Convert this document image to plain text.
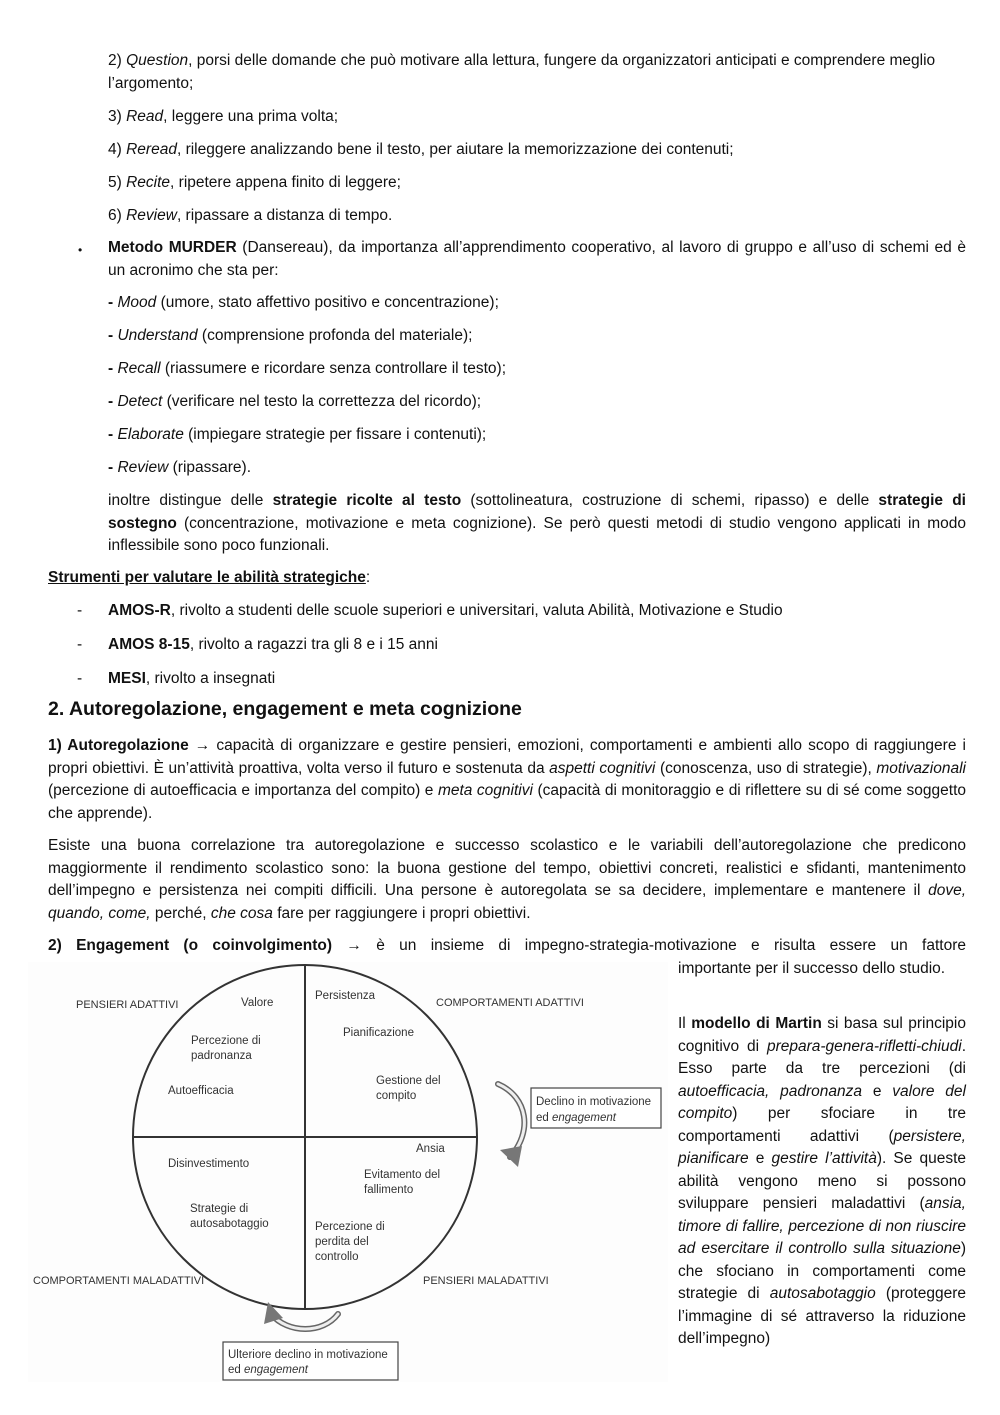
2) Question, porsi delle domande che può motivare alla lettura, fungere da organizzatori anticipati e comprendere meglio l’argomento;
3) Read, leggere una prima volta;
4) Reread, rileggere analizzando bene il testo, per aiutare la memorizzazione dei contenuti;
5) Recite, ripetere appena finito di leggere;
6) Review, ripassare a distanza di tempo.
• Metodo MURDER (Dansereau), da importanza all’apprendimento cooperativo, al lavoro di gruppo e all’uso di schemi ed è un acronimo che sta per:
- Mood (umore, stato affettivo positivo e concentrazione);
- Understand (comprensione profonda del materiale);
- Recall (riassumere e ricordare senza controllare il testo);
- Detect (verificare nel testo la correttezza del ricordo);
- Elaborate (impiegare strategie per fissare i contenuti);
- Review (ripassare).
inoltre distingue delle strategie ricolte al testo (sottolineatura, costruzione di schemi, ripasso) e delle strategie di sostegno (concentrazione, motivazione e meta cognizione). Se però questi metodi di studio vengono applicati in modo inflessibile sono poco funzionali.
Strumenti per valutare le abilità strategiche:
- AMOS-R, rivolto a studenti delle scuole superiori e universitari, valuta Abilità, Motivazione e Studio
- AMOS 8-15, rivolto a ragazzi tra gli 8 e i 15 anni
- MESI, rivolto a insegnati
2. Autoregolazione, engagement e meta cognizione
1) Autoregolazione → capacità di organizzare e gestire pensieri, emozioni, comportamenti e ambienti allo scopo di raggiungere i propri obiettivi. È un’attività proattiva, volta verso il futuro e sostenuta da aspetti cognitivi (conoscenza, uso di strategie), motivazionali (percezione di autoefficacia e importanza del compito) e meta cognitivi (capacità di monitoraggio e di riflettere su di sé come soggetto che apprende).
Esiste una buona correlazione tra autoregolazione e successo scolastico e le variabili dell’autoregolazione che predicono maggiormente il rendimento scolastico sono: la buona gestione del tempo, obiettivi concreti, realistici e sfidanti, mantenimento dell’impegno e persistenza nei compiti difficili. Una persone è autoregolata se sa decidere, implementare e mantenere il dove, quando, come, perché, che cosa fare per raggiungere i propri obiettivi.
2) Engagement (o coinvolgimento) → è un insieme di impegno-strategia-motivazione e risulta essere un fattore
importante per il successo dello studio.
Il modello di Martin si basa sul principio cognitivo di prepara-genera-rifletti-chiudi. Esso parte da tre percezioni (di autoefficacia, padronanza e valore del compito) per sfociare in tre comportamenti adattivi (persistere, pianificare e gestire l’attività). Se queste abilità vengono meno si possono sviluppare pensieri maladattivi (ansia, timore di fallire, percezione di non riuscire ad esercitare il controllo sulla situazione) che sfociano in comportamenti come strategie di autosabotaggio (proteggere l’immagine di sé attraverso la riduzione dell’impegno)
PENSIERI ADATTIVI	COMPORTAMENTI ADATTIVI
COMPORTAMENTI MALADATTIVI	PENSIERI MALADATTIVI
Valore
Percezione di
padronanza
Autoefficacia
Persistenza
Pianificazione
Gestione del
compito
Ansia
Evitamento del
fallimento
Percezione di
perdita del
controllo
Disinvestimento
Strategie di
autosabotaggio
Declino in motivazione
ed engagement
Ulteriore declino in motivazione
ed engagement
